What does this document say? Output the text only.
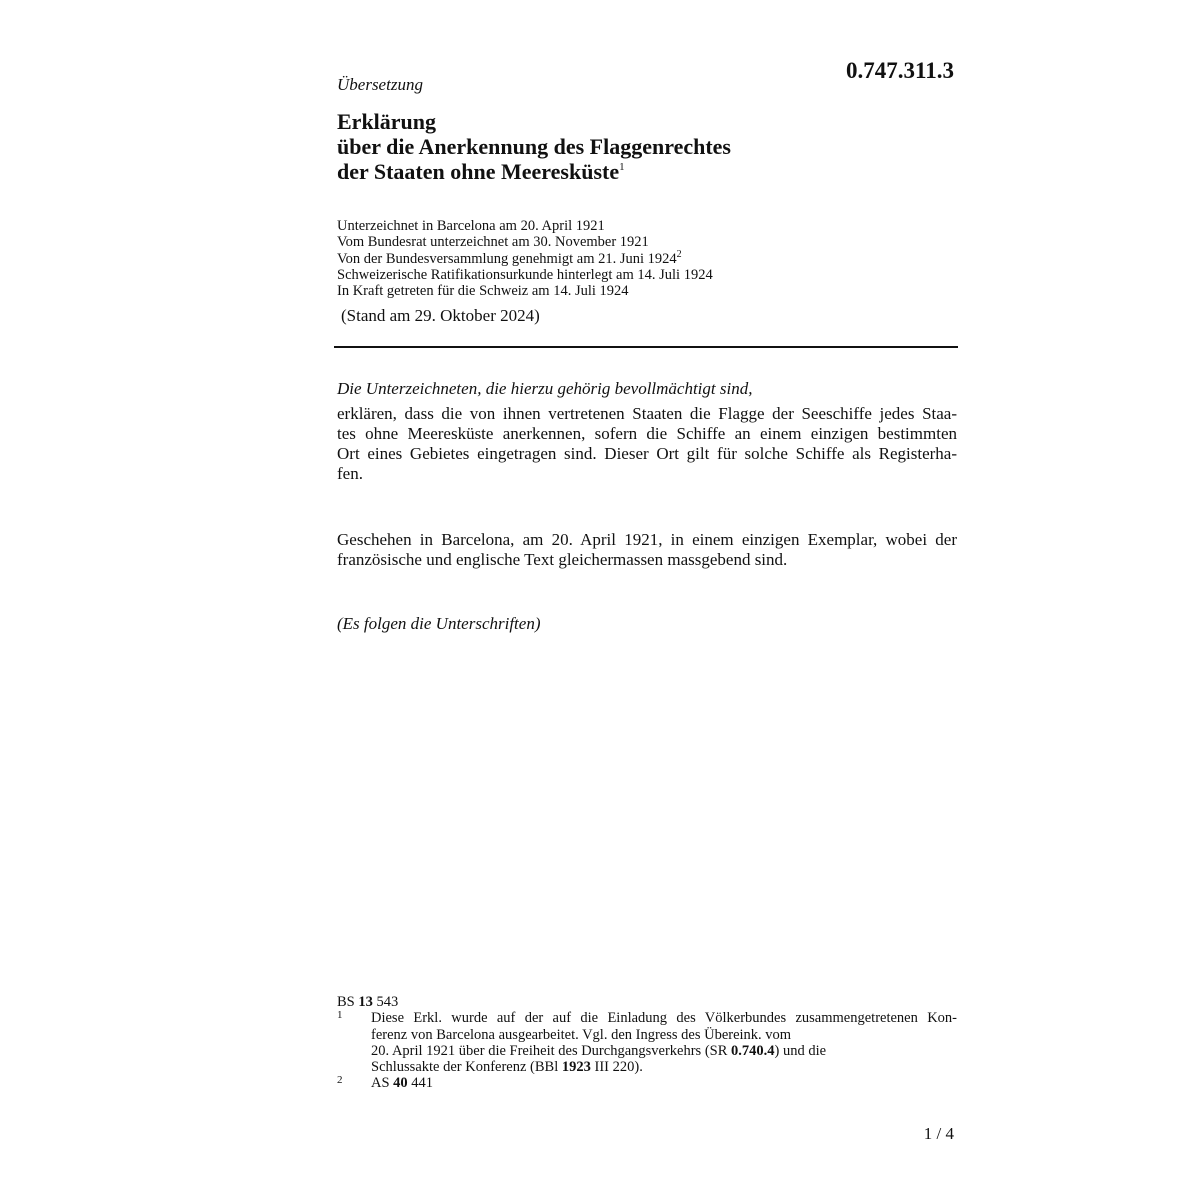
0.747.311.3
Übersetzung
Erklärung
über die Anerkennung des Flaggenrechtes
der Staaten ohne Meeresküste$^1$
Unterzeichnet in Barcelona am 20. April 1921
Vom Bundesrat unterzeichnet am 30. November 1921
Von der Bundesversammlung genehmigt am 21. Juni 1924$^2$
Schweizerische Ratifikationsurkunde hinterlegt am 14. Juli 1924
In Kraft getreten für die Schweiz am 14. Juli 1924
(Stand am 29. Oktober 2024)

Die Unterzeichneten, die hierzu gehörig bevollmächtigt sind,

erklären, dass die von ihnen vertretenen Staaten die Flagge der Seeschiffe jedes Staa-
tes ohne Meeresküste anerkennen, sofern die Schiffe an einem einzigen bestimmten
Ort eines Gebietes eingetragen sind. Dieser Ort gilt für solche Schiffe als Registerha-
fen.

Geschehen in Barcelona, am 20. April 1921, in einem einzigen Exemplar, wobei der
französische und englische Text gleichermassen massgebend sind.

(Es folgen die Unterschriften)

BS 13 543
1 Diese Erkl. wurde auf der auf die Einladung des Völkerbundes zusammengetretenen Kon-
ferenz von Barcelona ausgearbeitet. Vgl. den Ingress des Übereink. vom
20. April 1921 über die Freiheit des Durchgangsverkehrs (SR 0.740.4) und die
Schlussakte der Konferenz (BBl 1923 III 220).
2 AS 40 441
1 / 4
